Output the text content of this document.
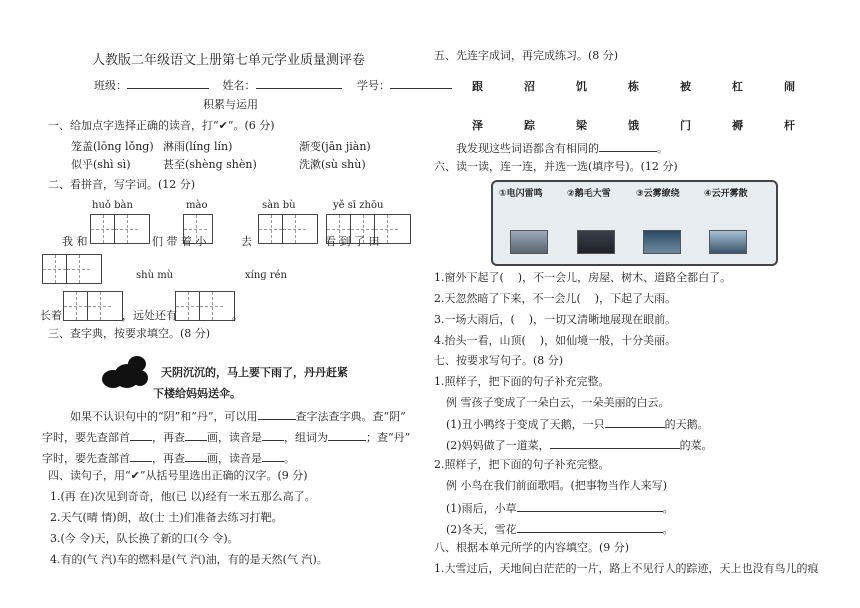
人教版二年级语文上册第七单元学业质量测评卷
班级：	姓名：	学号：
积累与运用
一、给加点字选择正确的读音，打“✔”。(6 分)
笼盖(lōnɡ lǒnɡ) 淋雨(línɡ lín)	渐变(jān jiàn)
似乎(shì sì)	甚至(shènɡ shèn)	洗漱(sù shù)
二、看拼音，写字词。(12 分)
huǒ bàn	mào	sàn bù	yě sī zhōu
我 和	们 带 着 小	去	看 到 了 田
shù mù	xínɡ rén
长着	，远处还有	。
三、查字典，按要求填空。(8 分)
天阴沉沉的，马上要下雨了，丹丹赶紧
下楼给妈妈送伞。
如果不认识句中的“阴”和“丹”，可以用	查字法查字典。查“阴”
字时，要先查部首 ，再查 画，读音是 ，组词为	；查“丹”
字时，要先查部首 ，再查 画，读音是 。
四、读句子，用“✔”从括号里选出正确的汉字。(9 分)
1.(再 在)次见到奇奇，他(已 以)经有一米五那么高了。
2.天气(晴 情)朗，故(士 土)们准备去练习打靶。
3.(今 令)天，队长换了新的口(今 令)。
4.有的(气 汽)车的燃料是(气 汽)油，有的是天然(气 汽)。
五、先连字成词，再完成练习。(8 分)
跟	沼	饥	栋	被	杠	闹
泽	踪	梁	饿	门	褥	杆
我发现这些词语都含有相同的	。
六、读一读，连一连，并选一选(填序号)。(12 分)
①电闪雷鸣	②鹅毛大雪	③云雾缭绕	④云开雾散
1.窗外下起了( )，不一会儿，房屋、树木、道路全都白了。
2.天忽然暗了下来，不一会儿( )，下起了大雨。
3.一场大雨后，( )，一切又清晰地展现在眼前。
4.抬头一看，山顶( )，如仙境一般，十分美丽。
七、按要求写句子。(8 分)
1.照样子，把下面的句子补充完整。
例 雪孩子变成了一朵白云，一朵美丽的白云。
(1)丑小鸭终于变成了天鹅，一只	的天鹅。
(2)妈妈做了一道菜，	的菜。
2.照样子，把下面的句子补充完整。
例 小鸟在我们前面歌唱。(把事物当作人来写)
(1)雨后，小草	。
(2)冬天，雪花	。
八、根据本单元所学的内容填空。(9 分)
1.大雪过后，天地间白茫茫的一片，路上不见行人的踪迹，天上也没有鸟儿的痕
